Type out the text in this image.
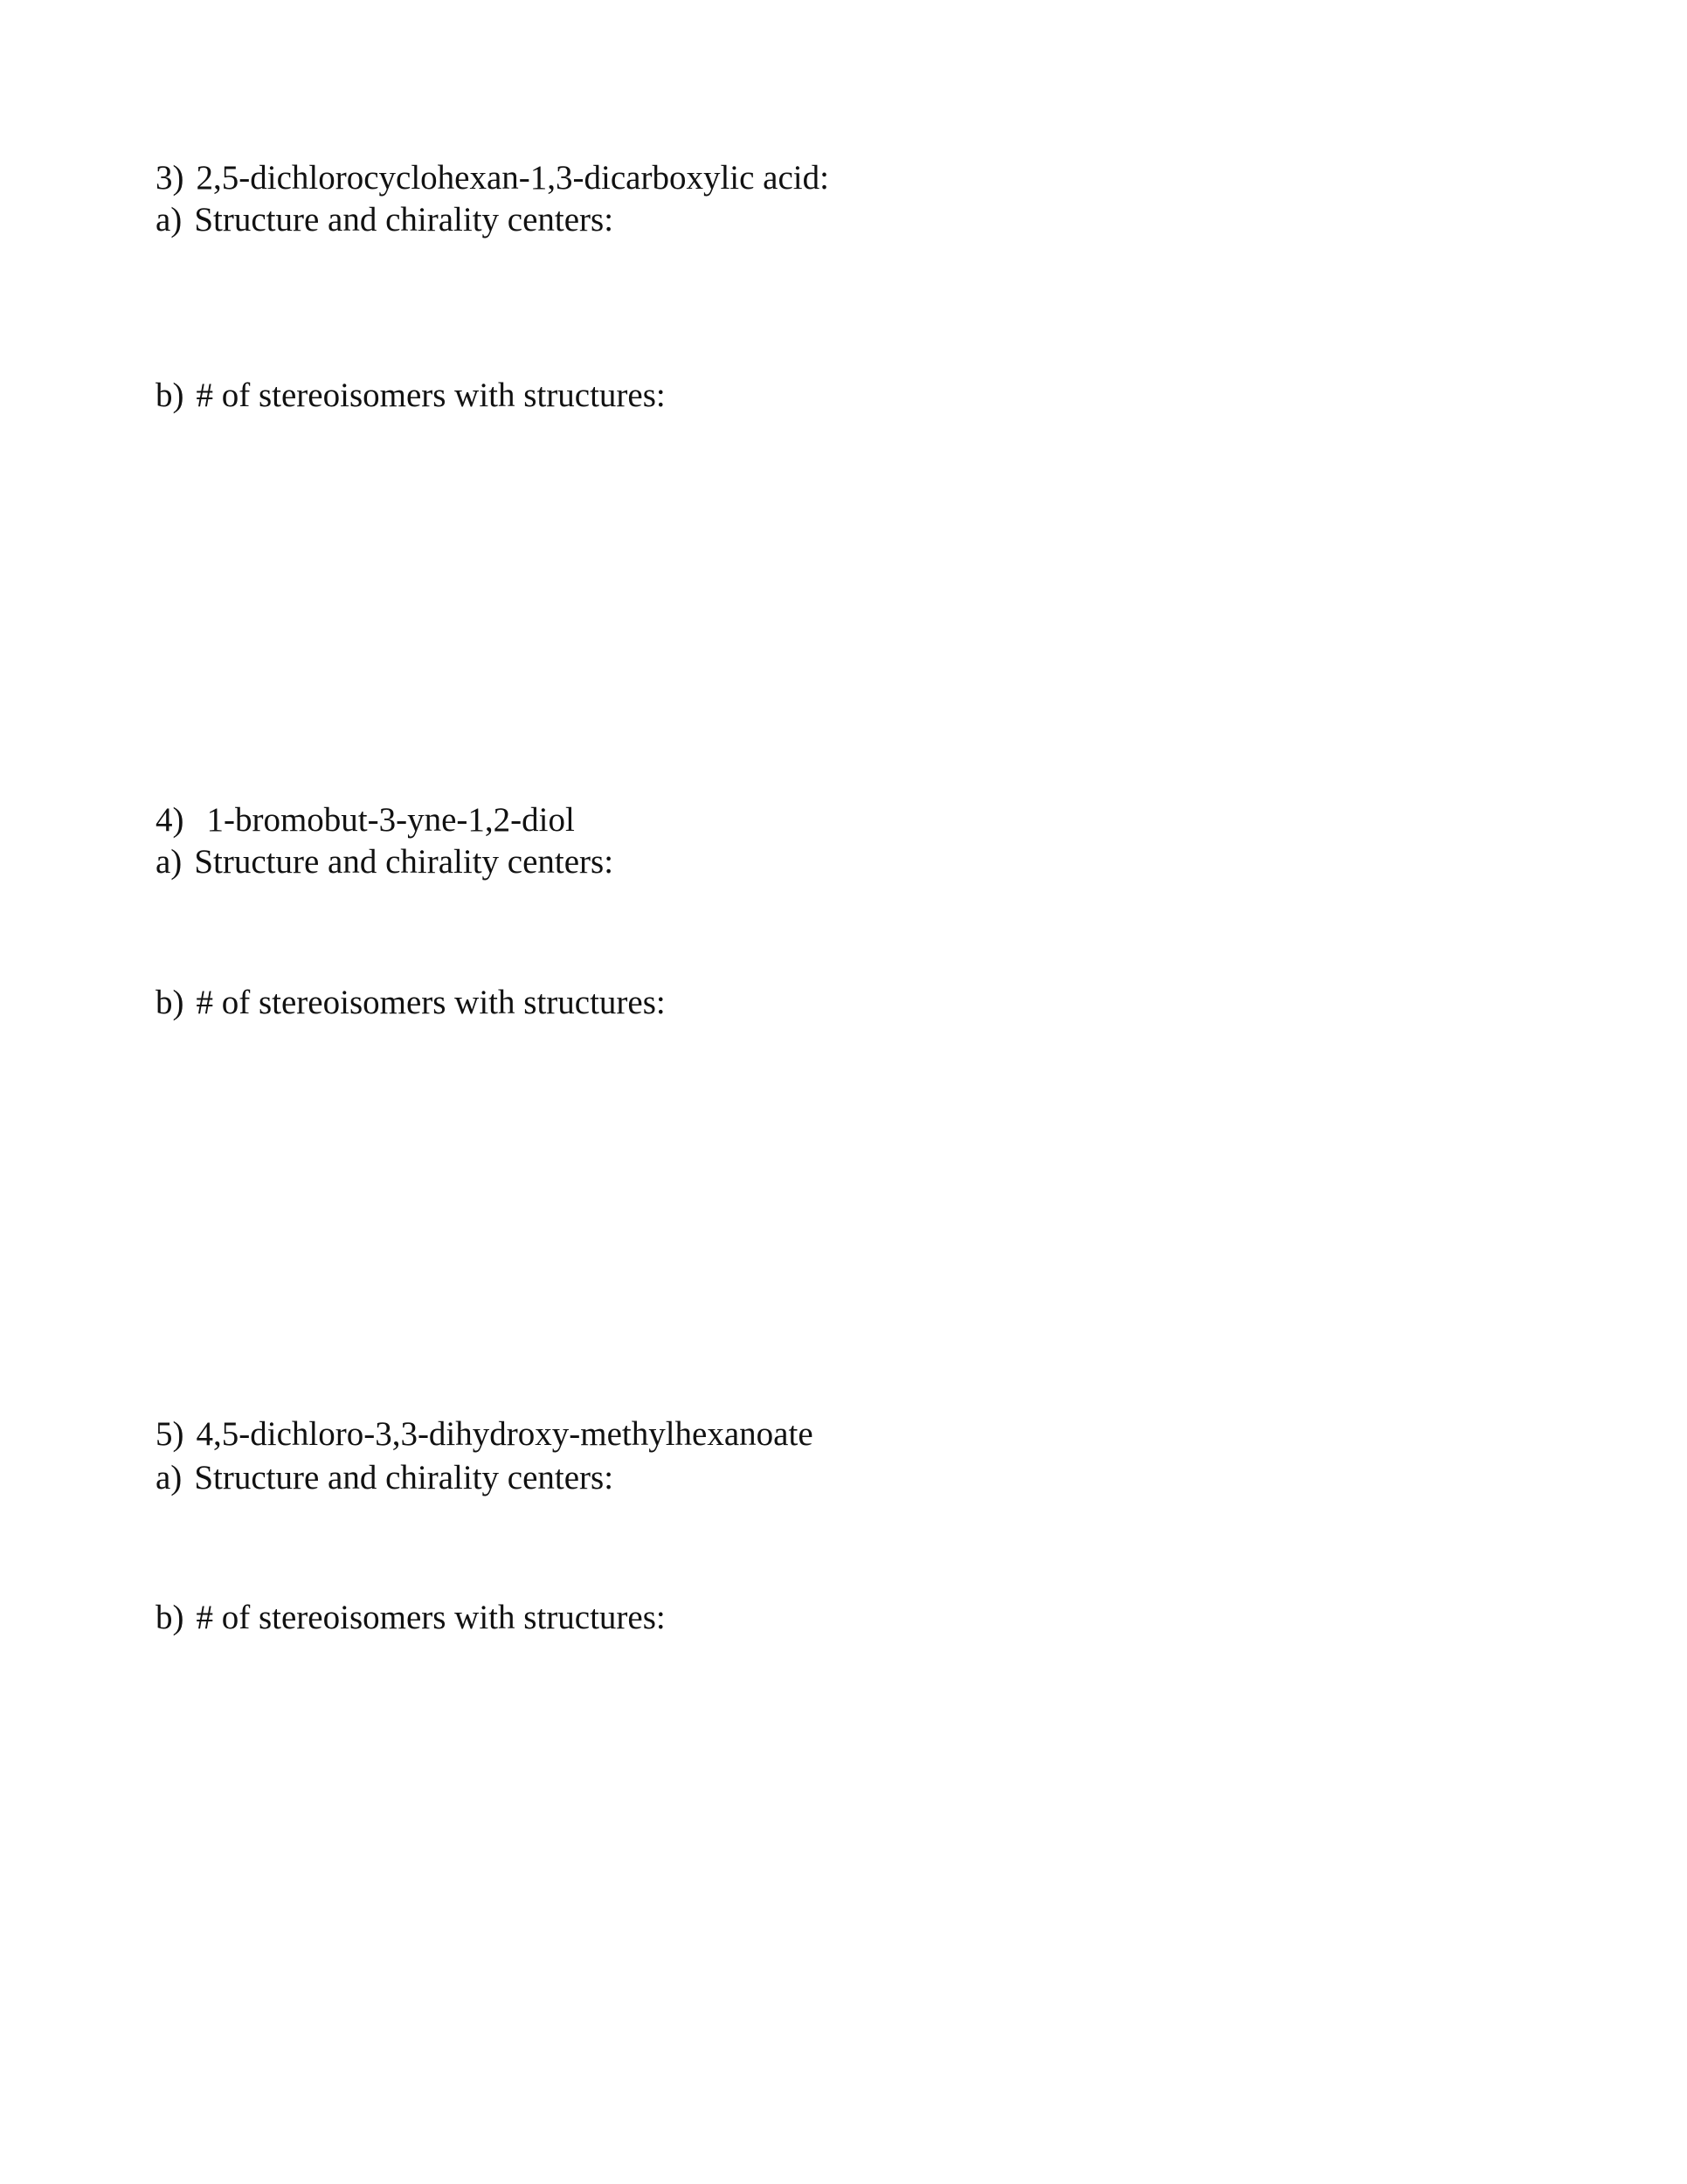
3) 2,5-dichlorocyclohexan-1,3-dicarboxylic acid:
a) Structure and chirality centers:
b) # of stereoisomers with structures:
4) 1-bromobut-3-yne-1,2-diol
a) Structure and chirality centers:
b) # of stereoisomers with structures:
5) 4,5-dichloro-3,3-dihydroxy-methylhexanoate
a) Structure and chirality centers:
b) # of stereoisomers with structures:
